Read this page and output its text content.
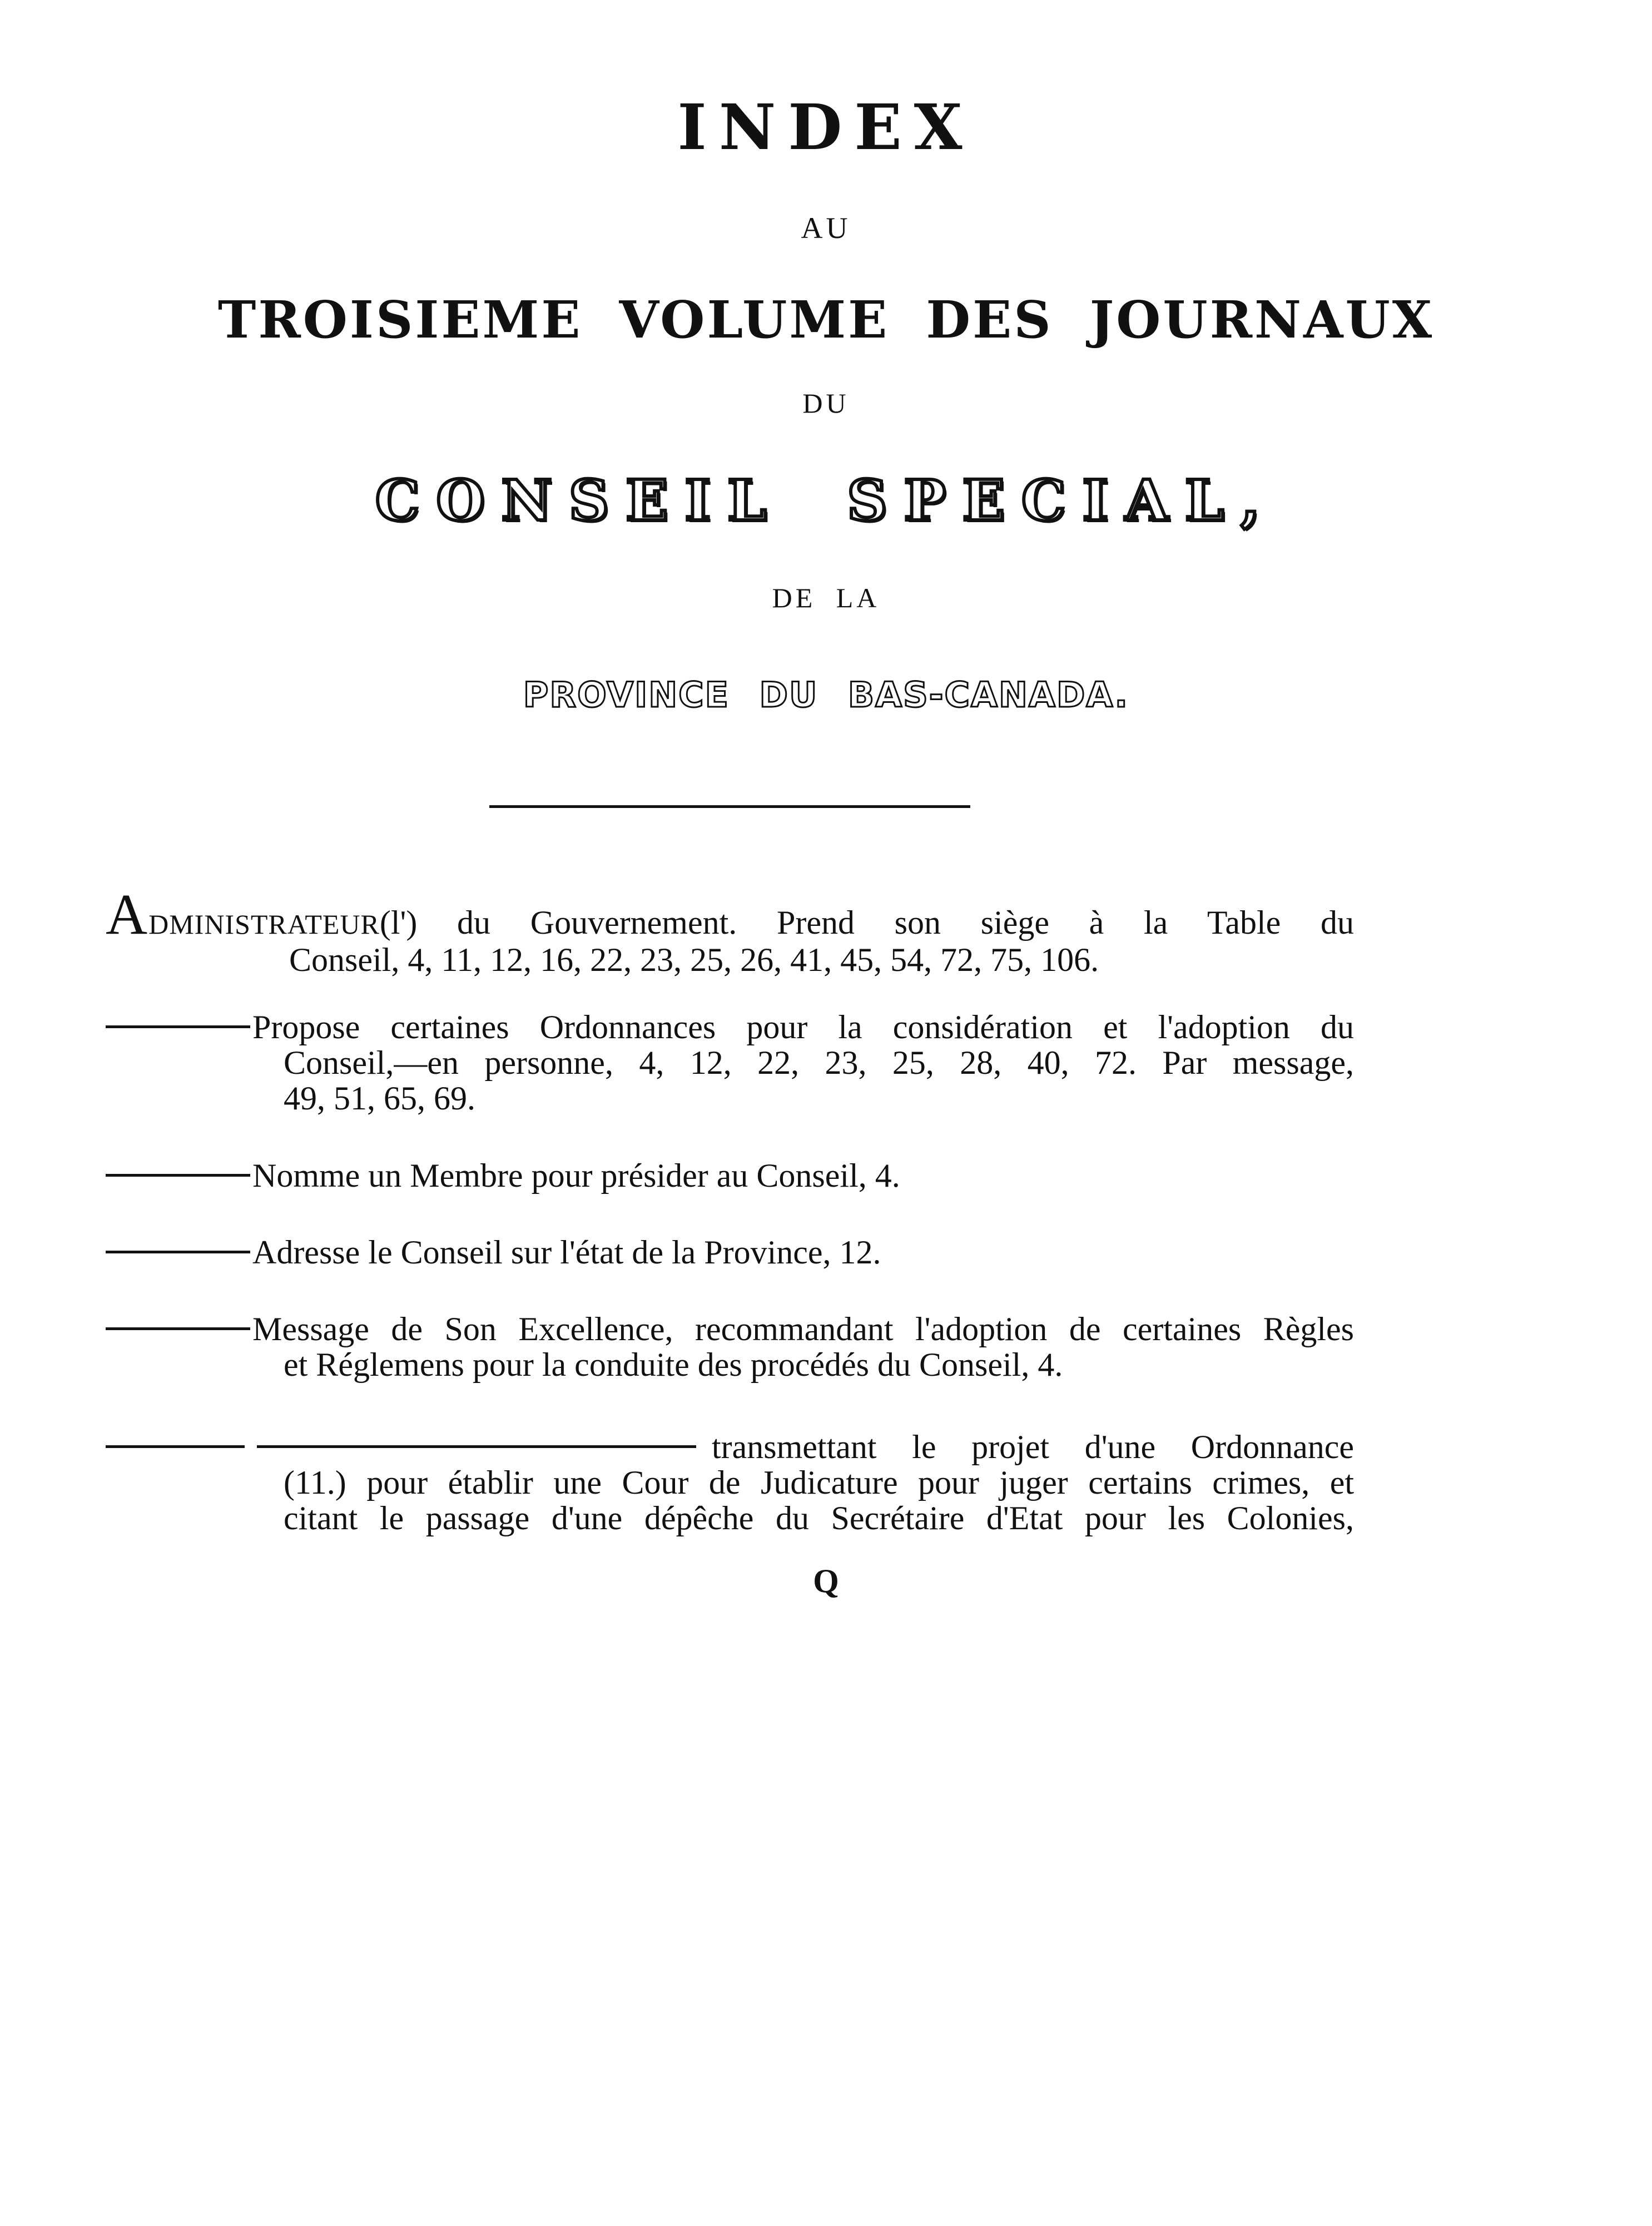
INDEX

AU

TROISIEME VOLUME DES JOURNAUX

DU

CONSEIL SPECIAL,

DE LA

PROVINCE DU BAS-CANADA.
ADMINISTRATEUR (l') du Gouvernement. Prend son siège à la Table du
Conseil, 4, 11, 12, 16, 22, 23, 25, 26, 41, 45, 54, 72, 75, 106.
Propose certaines Ordonnances pour la considération et l'adoption du
Conseil,—en personne, 4, 12, 22, 23, 25, 28, 40, 72. Par message,
49, 51, 65, 69.
Nomme un Membre pour présider au Conseil, 4.
Adresse le Conseil sur l'état de la Province, 12.
Message de Son Excellence, recommandant l'adoption de certaines Règles
et Réglemens pour la conduite des procédés du Conseil, 4.
transmettant le projet d'une Ordonnance
(11.) pour établir une Cour de Judicature pour juger certains crimes, et
citant le passage d'une dépêche du Secrétaire d'Etat pour les Colonies,

Q
